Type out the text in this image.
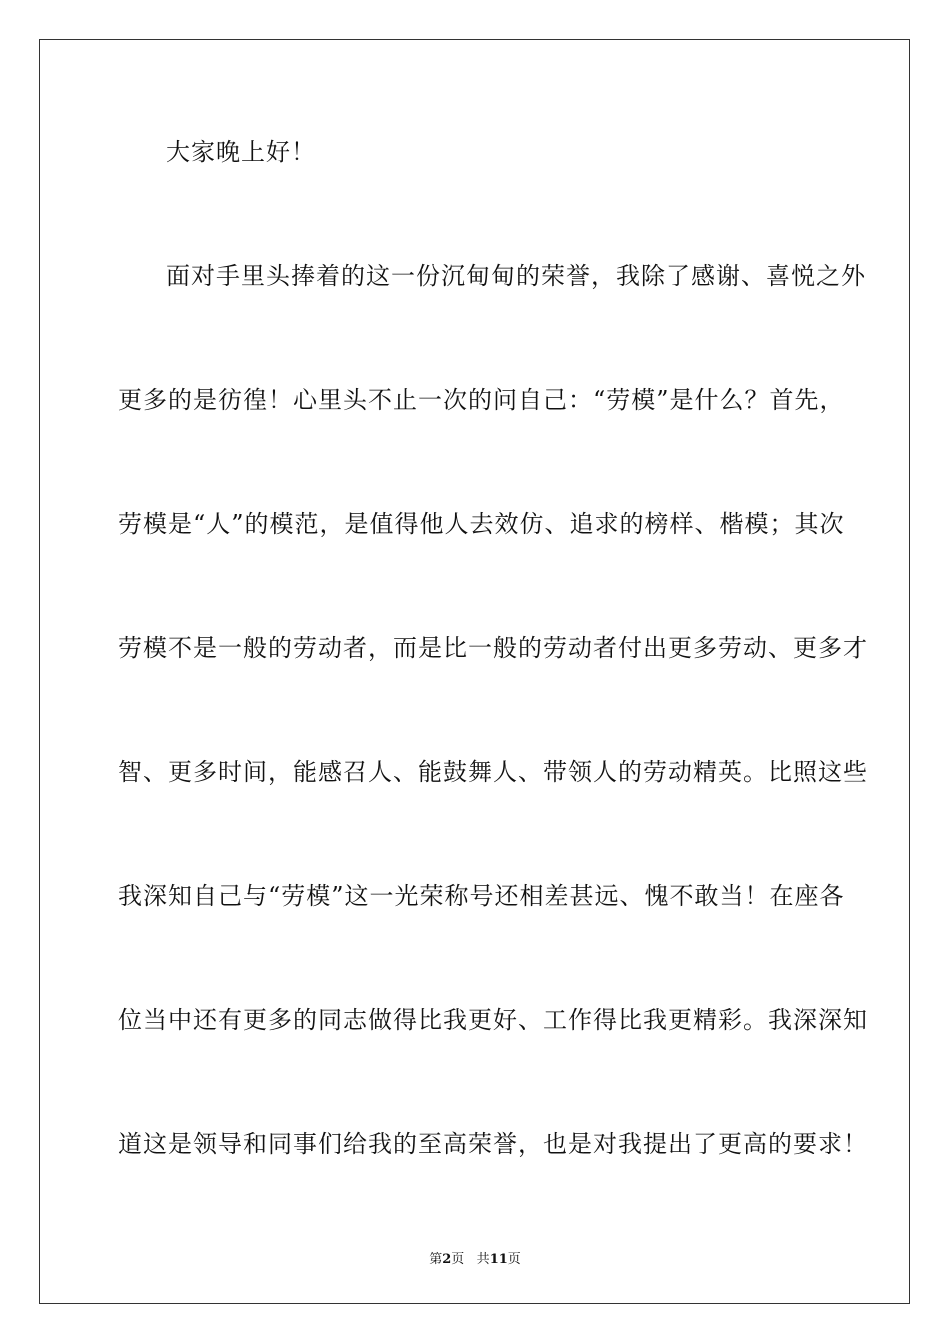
大家晚上好！
面对手里头捧着的这一份沉甸甸的荣誉，我除了感谢、喜悦之外
更多的是彷徨！心里头不止一次的问自己：“劳模”是什么？首先，
劳模是“人”的模范，是值得他人去效仿、追求的榜样、楷模；其次
劳模不是一般的劳动者，而是比一般的劳动者付出更多劳动、更多才
智、更多时间，能感召人、能鼓舞人、带领人的劳动精英。比照这些
我深知自己与“劳模”这一光荣称号还相差甚远、愧不敢当！在座各
位当中还有更多的同志做得比我更好、工作得比我更精彩。我深深知
道这是领导和同事们给我的至高荣誉，也是对我提出了更高的要求！
第2页 共11页
